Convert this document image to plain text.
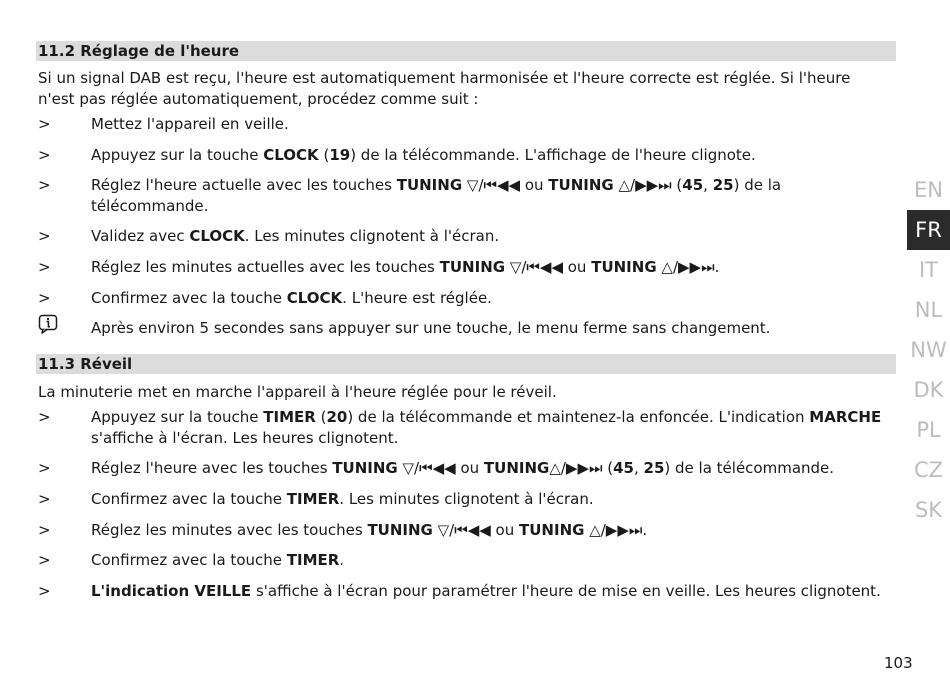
11.2 Réglage de l'heure
Si un signal DAB est reçu, l'heure est automatiquement harmonisée et l'heure correcte est réglée. Si l'heure n'est pas réglée automatiquement, procédez comme suit :
>	Mettez l'appareil en veille.
>	Appuyez sur la touche CLOCK (19) de la télécommande. L'affichage de l'heure clignote.
>	Réglez l'heure actuelle avec les touches TUNING ▽/⏮◀◀ ou TUNING △/▶▶⏭ (45, 25) de la télécommande.
>	Validez avec CLOCK. Les minutes clignotent à l'écran.
>	Réglez les minutes actuelles avec les touches TUNING ▽/⏮◀◀ ou TUNING △/▶▶⏭.
>	Confirmez avec la touche CLOCK. L'heure est réglée.
Après environ 5 secondes sans appuyer sur une touche, le menu ferme sans changement.
11.3 Réveil
La minuterie met en marche l'appareil à l'heure réglée pour le réveil.
>	Appuyez sur la touche TIMER (20) de la télécommande et maintenez-la enfoncée. L'indication MARCHE s'affiche à l'écran. Les heures clignotent.
>	Réglez l'heure avec les touches TUNING ▽/⏮◀◀ ou TUNING△/▶▶⏭ (45, 25) de la télécommande.
>	Confirmez avec la touche TIMER. Les minutes clignotent à l'écran.
>	Réglez les minutes avec les touches TUNING ▽/⏮◀◀ ou TUNING △/▶▶⏭.
>	Confirmez avec la touche TIMER.
>	L'indication VEILLE s'affiche à l'écran pour paramétrer l'heure de mise en veille. Les heures clignotent.
EN
FR
IT
NL
NW
DK
PL
CZ
SK
103
